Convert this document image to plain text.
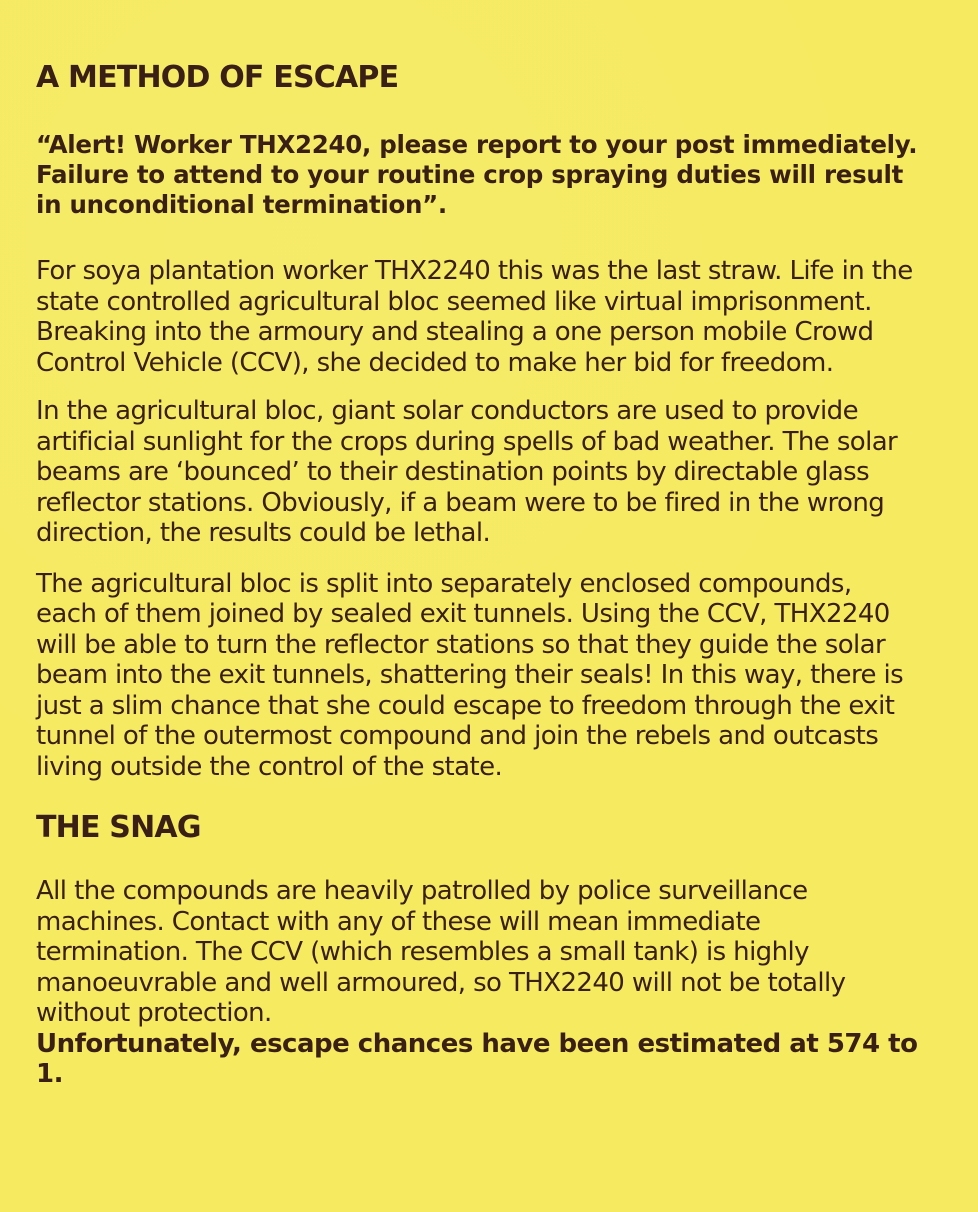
A METHOD OF ESCAPE

“Alert! Worker THX2240, please report to your post immediately. Failure to attend to your routine crop spraying duties will result in unconditional termination”.

For soya plantation worker THX2240 this was the last straw. Life in the state controlled agricultural bloc seemed like virtual imprisonment. Breaking into the armoury and stealing a one person mobile Crowd Control Vehicle (CCV), she decided to make her bid for freedom.

In the agricultural bloc, giant solar conductors are used to provide artificial sunlight for the crops during spells of bad weather. The solar beams are ‘bounced’ to their destination points by directable glass reflector stations. Obviously, if a beam were to be fired in the wrong direction, the results could be lethal.

The agricultural bloc is split into separately enclosed compounds, each of them joined by sealed exit tunnels. Using the CCV, THX2240 will be able to turn the reflector stations so that they guide the solar beam into the exit tunnels, shattering their seals! In this way, there is just a slim chance that she could escape to freedom through the exit tunnel of the outermost compound and join the rebels and outcasts living outside the control of the state.

THE SNAG

All the compounds are heavily patrolled by police surveillance machines. Contact with any of these will mean immediate termination. The CCV (which resembles a small tank) is highly manoeuvrable and well armoured, so THX2240 will not be totally without protection.

Unfortunately, escape chances have been estimated at 574 to 1.
